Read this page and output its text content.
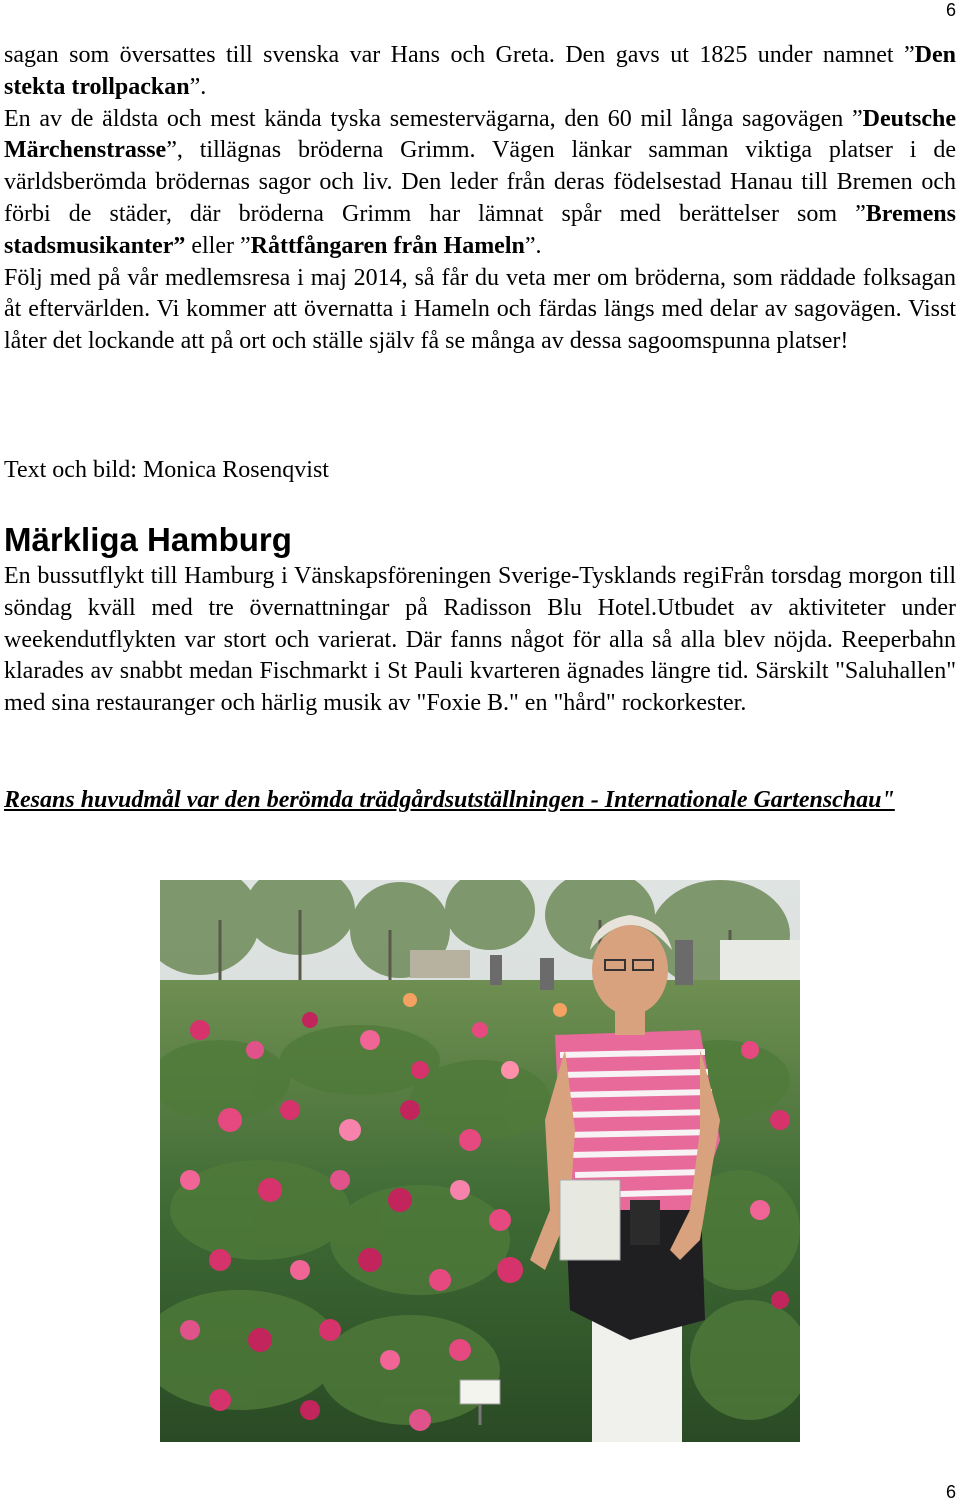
6

sagan som översattes till svenska var Hans och Greta. Den gavs ut 1825 under namnet ”Den stekta trollpackan”.

En av de äldsta och mest kända tyska semestervägarna, den 60 mil långa sagovägen ”Deutsche Märchenstrasse”, tillägnas bröderna Grimm. Vägen länkar samman viktiga platser i de världsberömda brödernas sagor och liv. Den leder från deras födelsestad Hanau till Bremen och förbi de städer, där bröderna Grimm har lämnat spår med berättelser som ”Bremens stadsmusikanter” eller ”Råttfångaren från Hameln”.

Följ med på vår medlemsresa i maj 2014, så får du veta mer om bröderna, som räddade folksagan åt eftervärlden. Vi kommer att övernatta i Hameln och färdas längs med delar av sagovägen. Visst låter det lockande att på ort och ställe själv få se många av dessa sagoomspunna platser!

Text och bild: Monica Rosenqvist
Märkliga Hamburg
En bussutflykt till Hamburg i Vänskapsföreningen Sverige-Tysklands regiFrån torsdag morgon till söndag kväll med tre övernattningar på Radisson Blu Hotel.Utbudet av aktiviteter under weekendutflykten var stort och varierat. Där fanns något för alla så alla blev nöjda. Reeperbahn klarades av snabbt medan Fischmarkt i St Pauli kvarteren ägnades längre tid. Särskilt "Saluhallen" med sina restauranger och härlig musik av "Foxie B." en "hård" rockorkester.
Resans huvudmål var den berömda trädgårdsutställningen - Internationale Gartenschau"
6
